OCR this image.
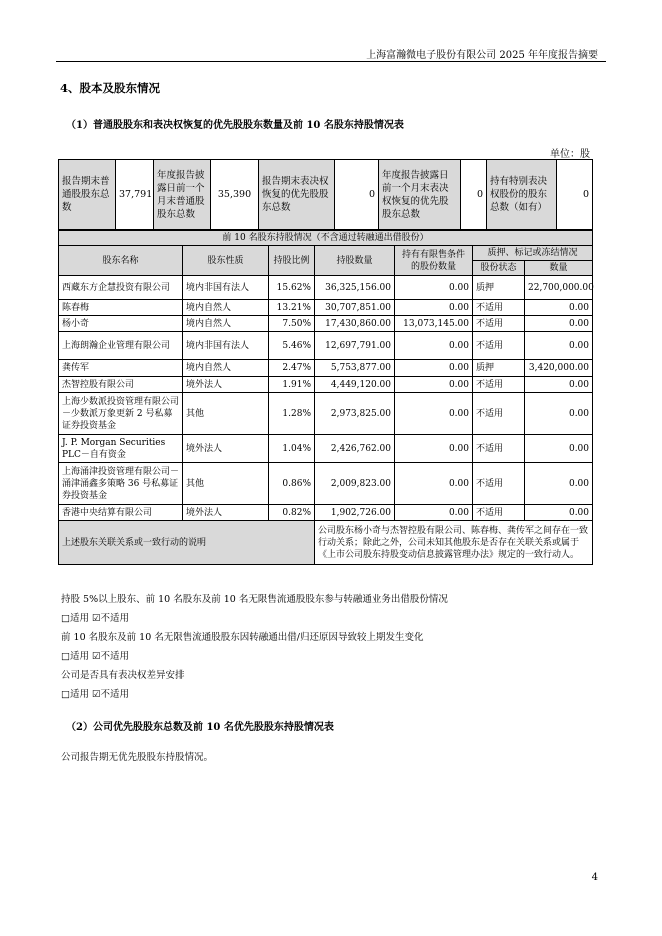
上海富瀚微电子股份有限公司 2025 年年度报告摘要
4、股本及股东情况
（1）普通股股东和表决权恢复的优先股股东数量及前 10 名股东持股情况表
单位：股
报告期末普通股股东总数	37,791	年度报告披露日前一个月末普通股股东总数	35,390	报告期末表决权恢复的优先股股东总数	0	年度报告披露日前一个月末表决权恢复的优先股股东总数	0	持有特别表决权股份的股东总数（如有）	0
前 10 名股东持股情况（不含通过转融通出借股份）						
股东名称	股东性质	持股比例	持股数量	持有有限售条件的股份数量	质押、标记或冻结情况	
					股份状态	数量
西藏东方企慧投资有限公司	境内非国有法人	15.62%	36,325,156.00	0.00	质押	22,700,000.00
陈春梅	境内自然人	13.21%	30,707,851.00	0.00	不适用	0.00
杨小奇	境内自然人	7.50%	17,430,860.00	13,073,145.00	不适用	0.00
上海朗瀚企业管理有限公司	境内非国有法人	5.46%	12,697,791.00	0.00	不适用	0.00
龚传军	境内自然人	2.47%	5,753,877.00	0.00	质押	3,420,000.00
杰智控股有限公司	境外法人	1.91%	4,449,120.00	0.00	不适用	0.00
上海少数派投资管理有限公司－少数派万象更新 2 号私募证券投资基金	其他	1.28%	2,973,825.00	0.00	不适用	0.00
J. P. Morgan Securities PLC－自有资金	境外法人	1.04%	2,426,762.00	0.00	不适用	0.00
上海涌津投资管理有限公司－涌津涌鑫多策略 36 号私募证券投资基金	其他	0.86%	2,009,823.00	0.00	不适用	0.00
香港中央结算有限公司	境外法人	0.82%	1,902,726.00	0.00	不适用	0.00
上述股东关联关系或一致行动的说明			公司股东杨小奇与杰智控股有限公司、陈春梅、龚传军之间存在一致行动关系；除此之外，公司未知其他股东是否存在关联关系或属于《上市公司股东持股变动信息披露管理办法》规定的一致行动人。			
持股 5%以上股东、前 10 名股东及前 10 名无限售流通股股东参与转融通业务出借股份情况
□适用 ☑不适用
前 10 名股东及前 10 名无限售流通股股东因转融通出借/归还原因导致较上期发生变化
□适用 ☑不适用
公司是否具有表决权差异安排
□适用 ☑不适用
（2）公司优先股股东总数及前 10 名优先股股东持股情况表
公司报告期无优先股股东持股情况。
4
